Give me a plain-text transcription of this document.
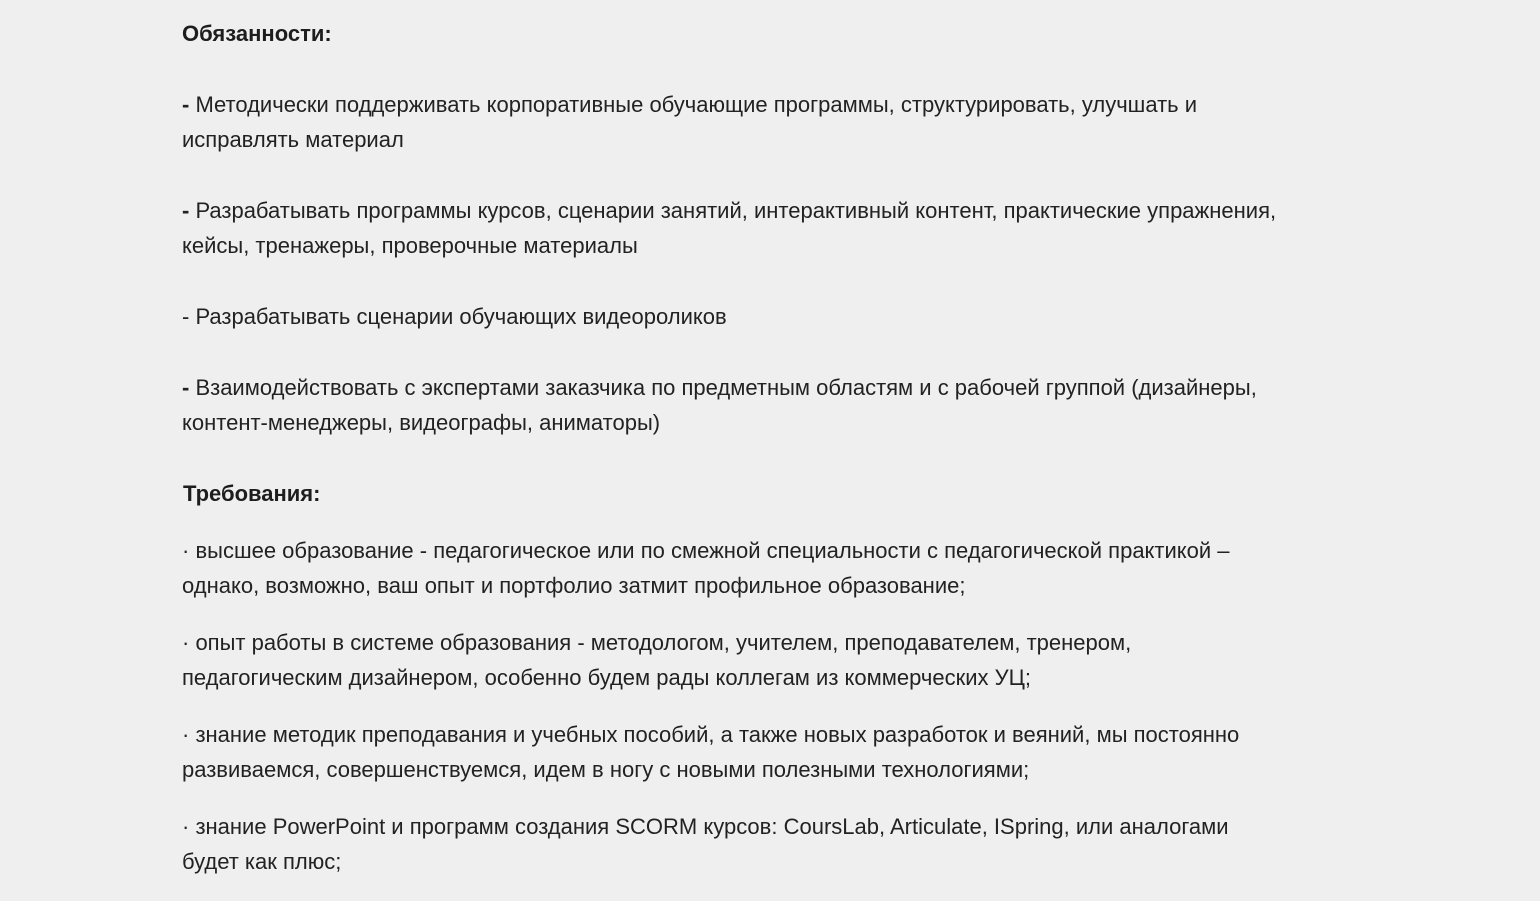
Обязанности:
- Методически поддерживать корпоративные обучающие программы, структурировать, улучшать и исправлять материал
- Разрабатывать программы курсов, сценарии занятий, интерактивный контент, практические упражнения, кейсы, тренажеры, проверочные материалы
- Разрабатывать сценарии обучающих видеороликов
- Взаимодействовать с экспертами заказчика по предметным областям и с рабочей группой (дизайнеры, контент-менеджеры, видеографы, аниматоры)
Требования:
· высшее образование - педагогическое или по смежной специальности с педагогической практикой – однако, возможно, ваш опыт и портфолио затмит профильное образование;
· опыт работы в системе образования - методологом, учителем, преподавателем, тренером, педагогическим дизайнером, особенно будем рады коллегам из коммерческих УЦ;
· знание методик преподавания и учебных пособий, а также новых разработок и веяний, мы постоянно развиваемся, совершенствуемся, идем в ногу с новыми полезными технологиями;
· знание PowerPoint и программ создания SCORM курсов: CoursLab, Articulate, ISpring, или аналогами будет как плюс;
